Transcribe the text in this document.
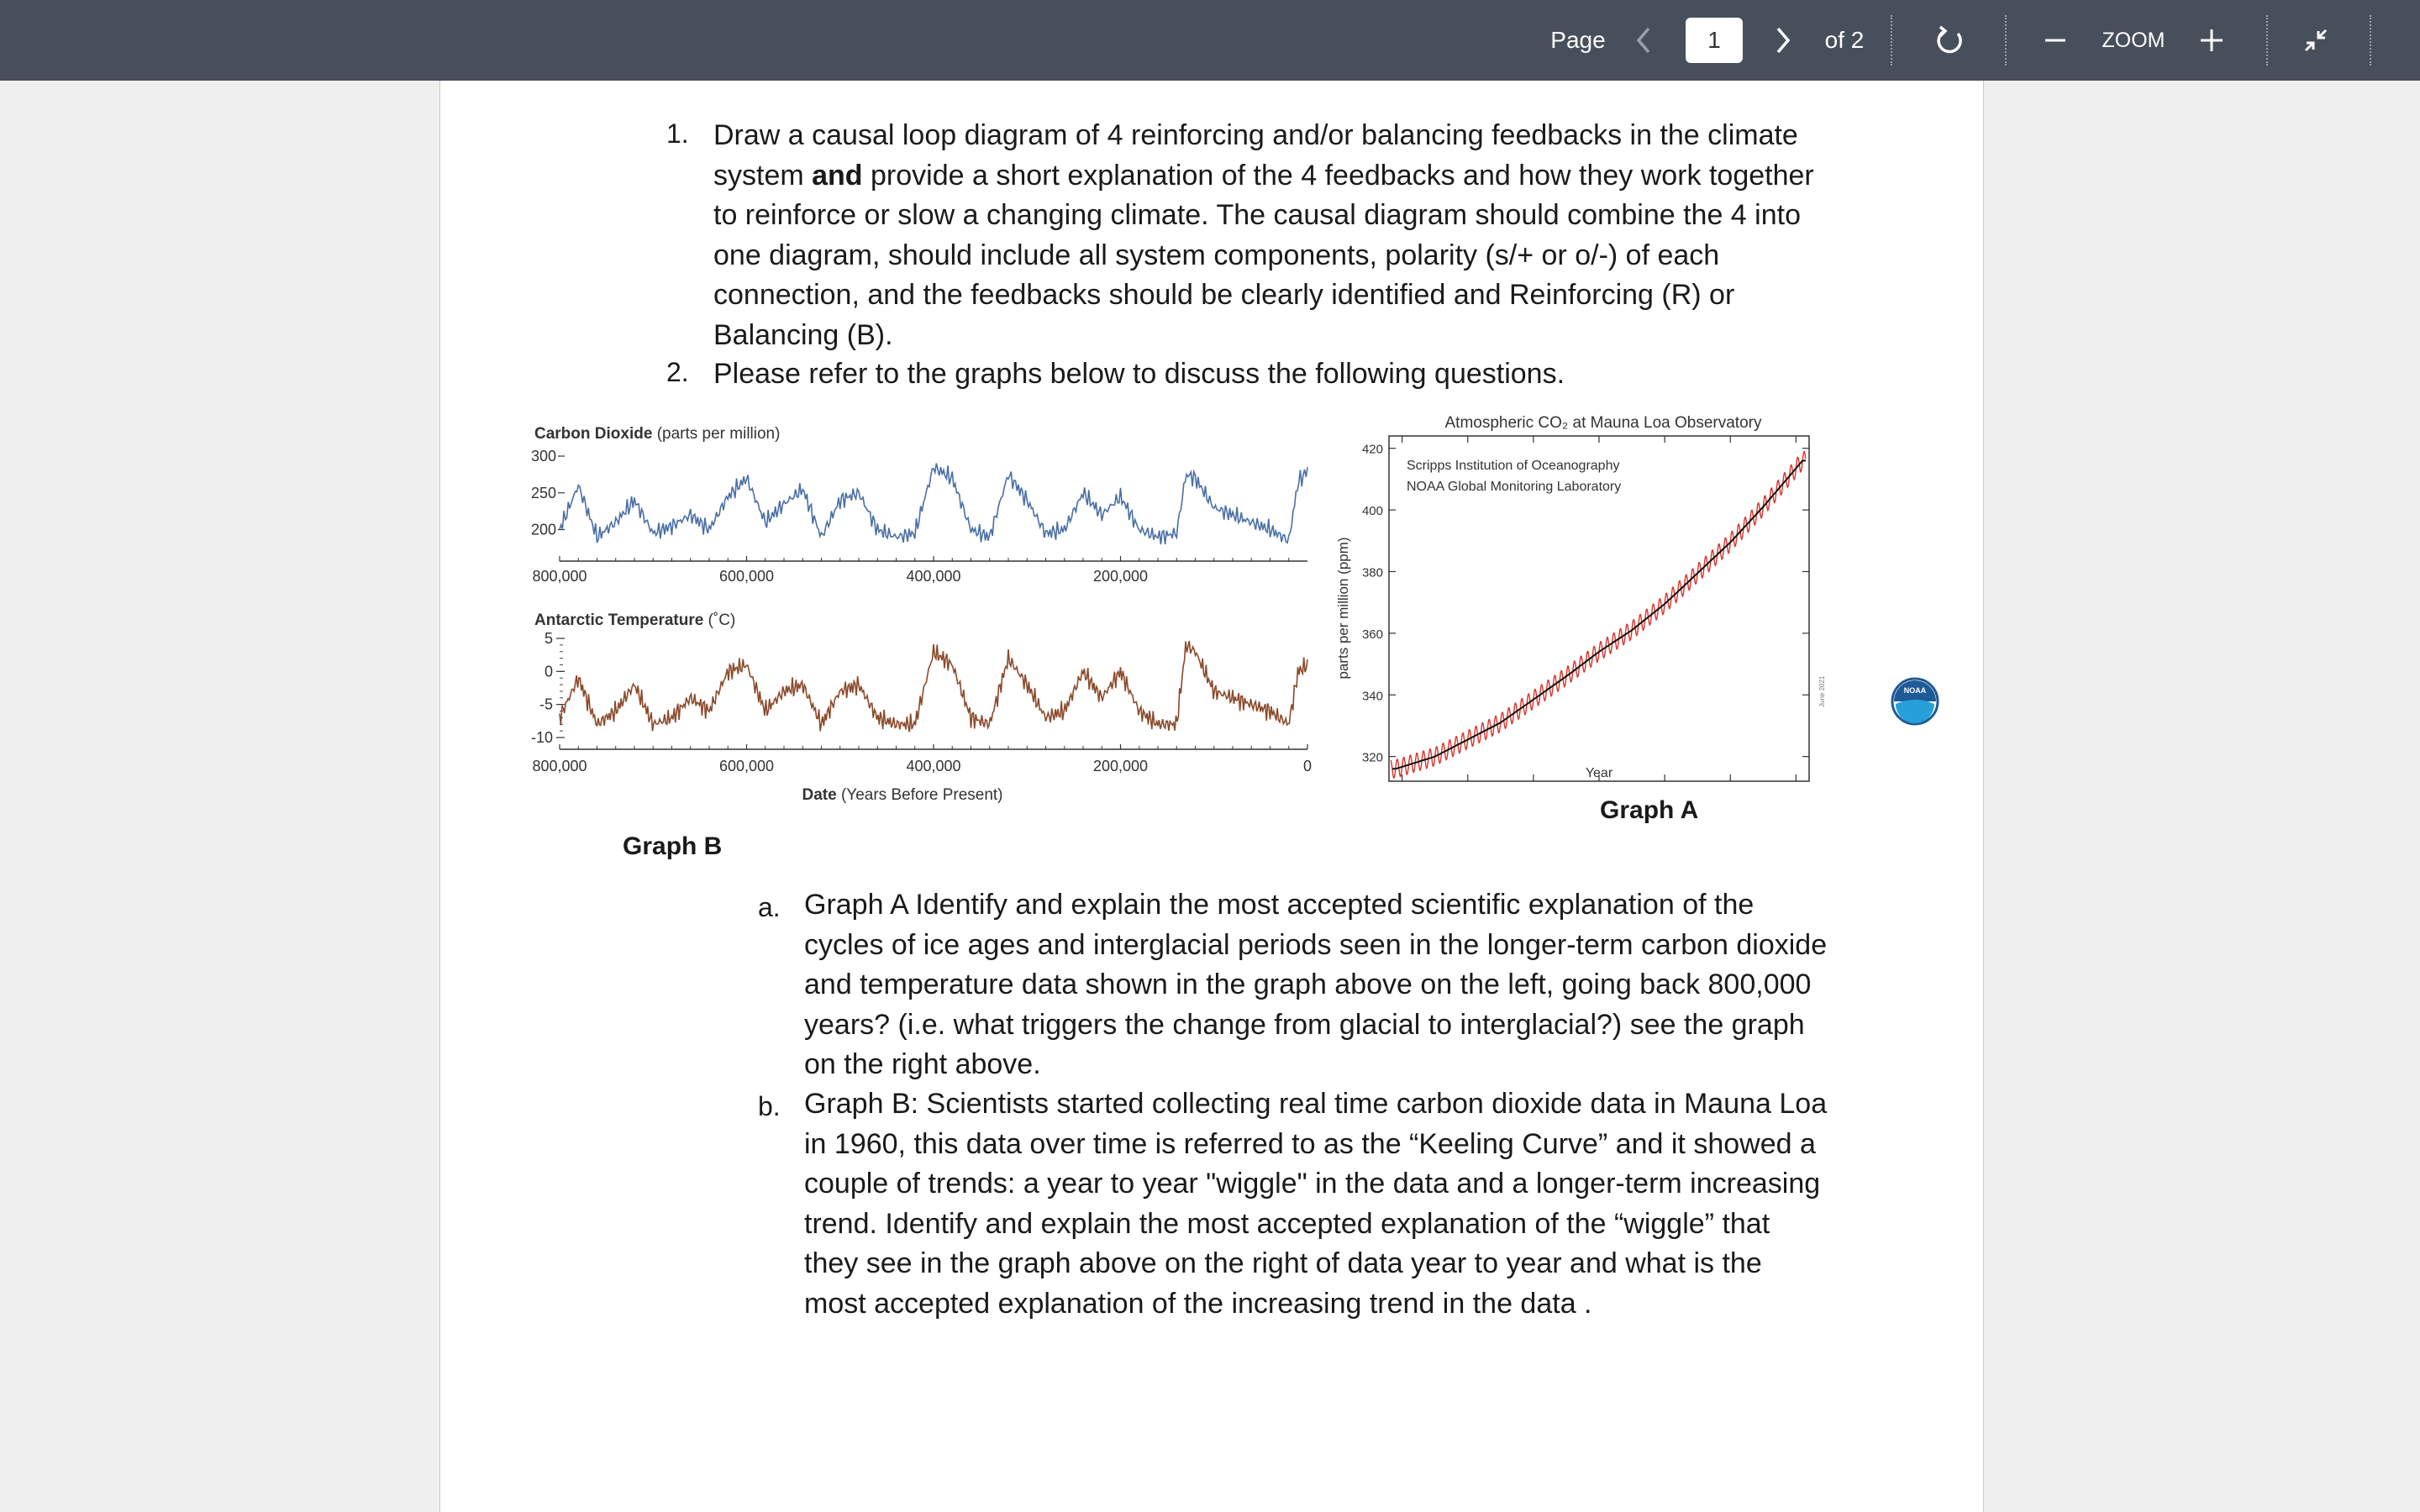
Page	1	of 2	ZOOM
1. Draw a causal loop diagram of 4 reinforcing and/or balancing feedbacks in the climate
system and provide a short explanation of the 4 feedbacks and how they work together
to reinforce or slow a changing climate. The causal diagram should combine the 4 into
one diagram, should include all system components, polarity (s/+ or o/-) of each
connection, and the feedbacks should be clearly identified and Reinforcing (R) or
Balancing (B).
2. Please refer to the graphs below to discuss the following questions.
Carbon Dioxide (parts per million)
300
250
200
800,000	600,000	400,000	200,000
Antarctic Temperature (˚C)
5
0
-5
-10
800,000	600,000	400,000	200,000	0
Date (Years Before Present)
Atmospheric CO₂ at Mauna Loa Observatory
Scripps Institution of Oceanography
NOAA Global Monitoring Laboratory
420
400
380
360
340
320
parts per million (ppm)
Year
NOAA
June 2021
Graph A
Graph B
a. Graph A Identify and explain the most accepted scientific explanation of the
cycles of ice ages and interglacial periods seen in the longer-term carbon dioxide
and temperature data shown in the graph above on the left, going back 800,000
years? (i.e. what triggers the change from glacial to interglacial?) see the graph
on the right above.
b. Graph B: Scientists started collecting real time carbon dioxide data in Mauna Loa
in 1960, this data over time is referred to as the “Keeling Curve” and it showed a
couple of trends: a year to year "wiggle" in the data and a longer-term increasing
trend. Identify and explain the most accepted explanation of the “wiggle” that
they see in the graph above on the right of data year to year and what is the
most accepted explanation of the increasing trend in the data .
